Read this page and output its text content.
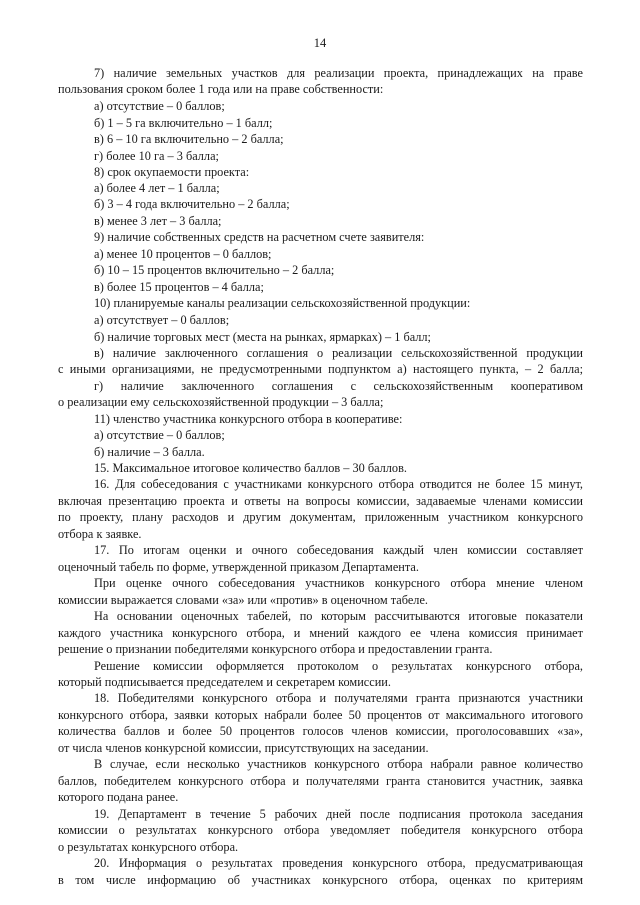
14
7) наличие земельных участков для реализации проекта, принадлежащих на праве
пользования сроком более 1 года или на праве собственности:
а) отсутствие – 0 баллов;
б) 1 – 5 га включительно – 1 балл;
в) 6 – 10 га включительно – 2 балла;
г) более 10 га – 3 балла;
8) срок окупаемости проекта:
а) более 4 лет – 1 балла;
б) 3 – 4 года включительно – 2 балла;
в) менее 3 лет – 3 балла;
9) наличие собственных средств на расчетном счете заявителя:
а) менее 10 процентов – 0 баллов;
б) 10 – 15 процентов включительно – 2 балла;
в) более 15 процентов – 4 балла;
10) планируемые каналы реализации сельскохозяйственной продукции:
а) отсутствует – 0 баллов;
б) наличие торговых мест (места на рынках, ярмарках) – 1 балл;
в) наличие заключенного соглашения о реализации сельскохозяйственной продукции
с иными организациями, не предусмотренными подпунктом а) настоящего пункта, – 2 балла;
г) наличие заключенного соглашения с сельскохозяйственным кооперативом
о реализации ему сельскохозяйственной продукции – 3 балла;
11) членство участника конкурсного отбора в кооперативе:
а) отсутствие – 0 баллов;
б) наличие – 3 балла.
15. Максимальное итоговое количество баллов – 30 баллов.
16. Для собеседования с участниками конкурсного отбора отводится не более 15 минут,
включая презентацию проекта и ответы на вопросы комиссии, задаваемые членами комиссии
по проекту, плану расходов и другим документам, приложенным участником конкурсного
отбора к заявке.
17. По итогам оценки и очного собеседования каждый член комиссии составляет
оценочный табель по форме, утвержденной приказом Департамента.
При оценке очного собеседования участников конкурсного отбора мнение членом
комиссии выражается словами «за» или «против» в оценочном табеле.
На основании оценочных табелей, по которым рассчитываются итоговые показатели
каждого участника конкурсного отбора, и мнений каждого ее члена комиссия принимает
решение о признании победителями конкурсного отбора и предоставлении гранта.
Решение комиссии оформляется протоколом о результатах конкурсного отбора,
который подписывается председателем и секретарем комиссии.
18. Победителями конкурсного отбора и получателями гранта признаются участники
конкурсного отбора, заявки которых набрали более 50 процентов от максимального итогового
количества баллов и более 50 процентов голосов членов комиссии, проголосовавших «за»,
от числа членов конкурсной комиссии, присутствующих на заседании.
В случае, если несколько участников конкурсного отбора набрали равное количество
баллов, победителем конкурсного отбора и получателями гранта становится участник, заявка
которого подана ранее.
19. Департамент в течение 5 рабочих дней после подписания протокола заседания
комиссии о результатах конкурсного отбора уведомляет победителя конкурсного отбора
о результатах конкурсного отбора.
20. Информация о результатах проведения конкурсного отбора, предусматривающая
в том числе информацию об участниках конкурсного отбора, оценках по критериям
